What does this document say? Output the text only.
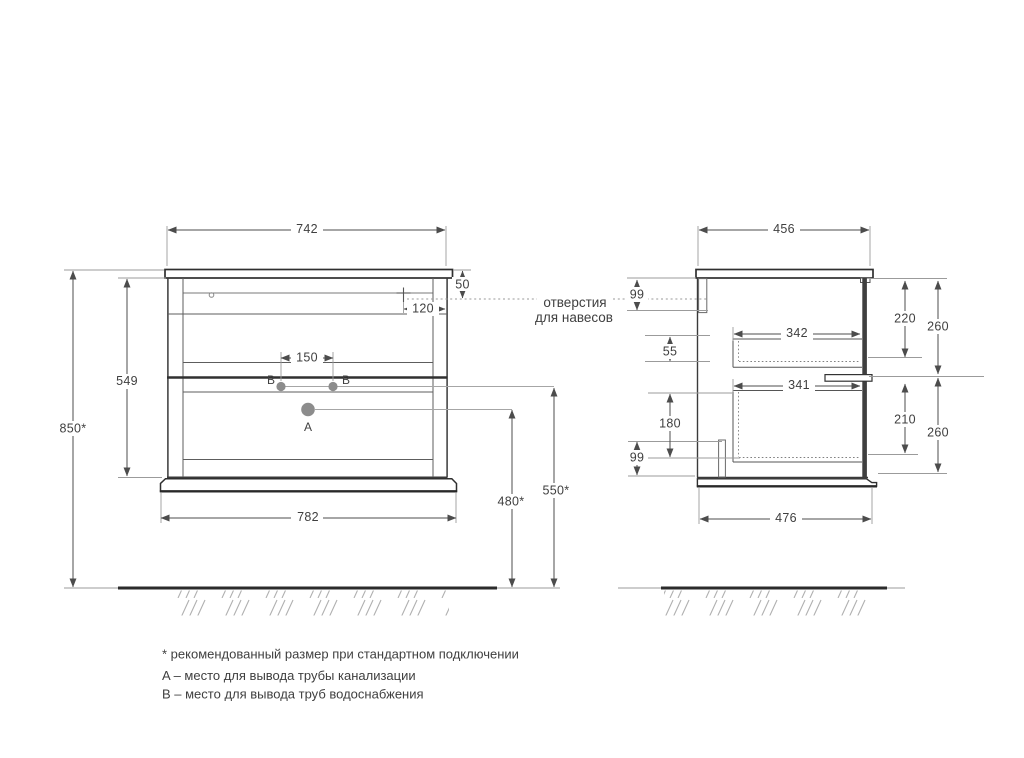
742
50
120
150
549
850*
782
480*
550*
B	B
A
456
99
220
260
342
55
341
180	210
260
99
476
отверстия
для навесов
* рекомендованный размер при стандартном подключении
A – место для вывода трубы канализации
B – место для вывода труб водоснабжения
